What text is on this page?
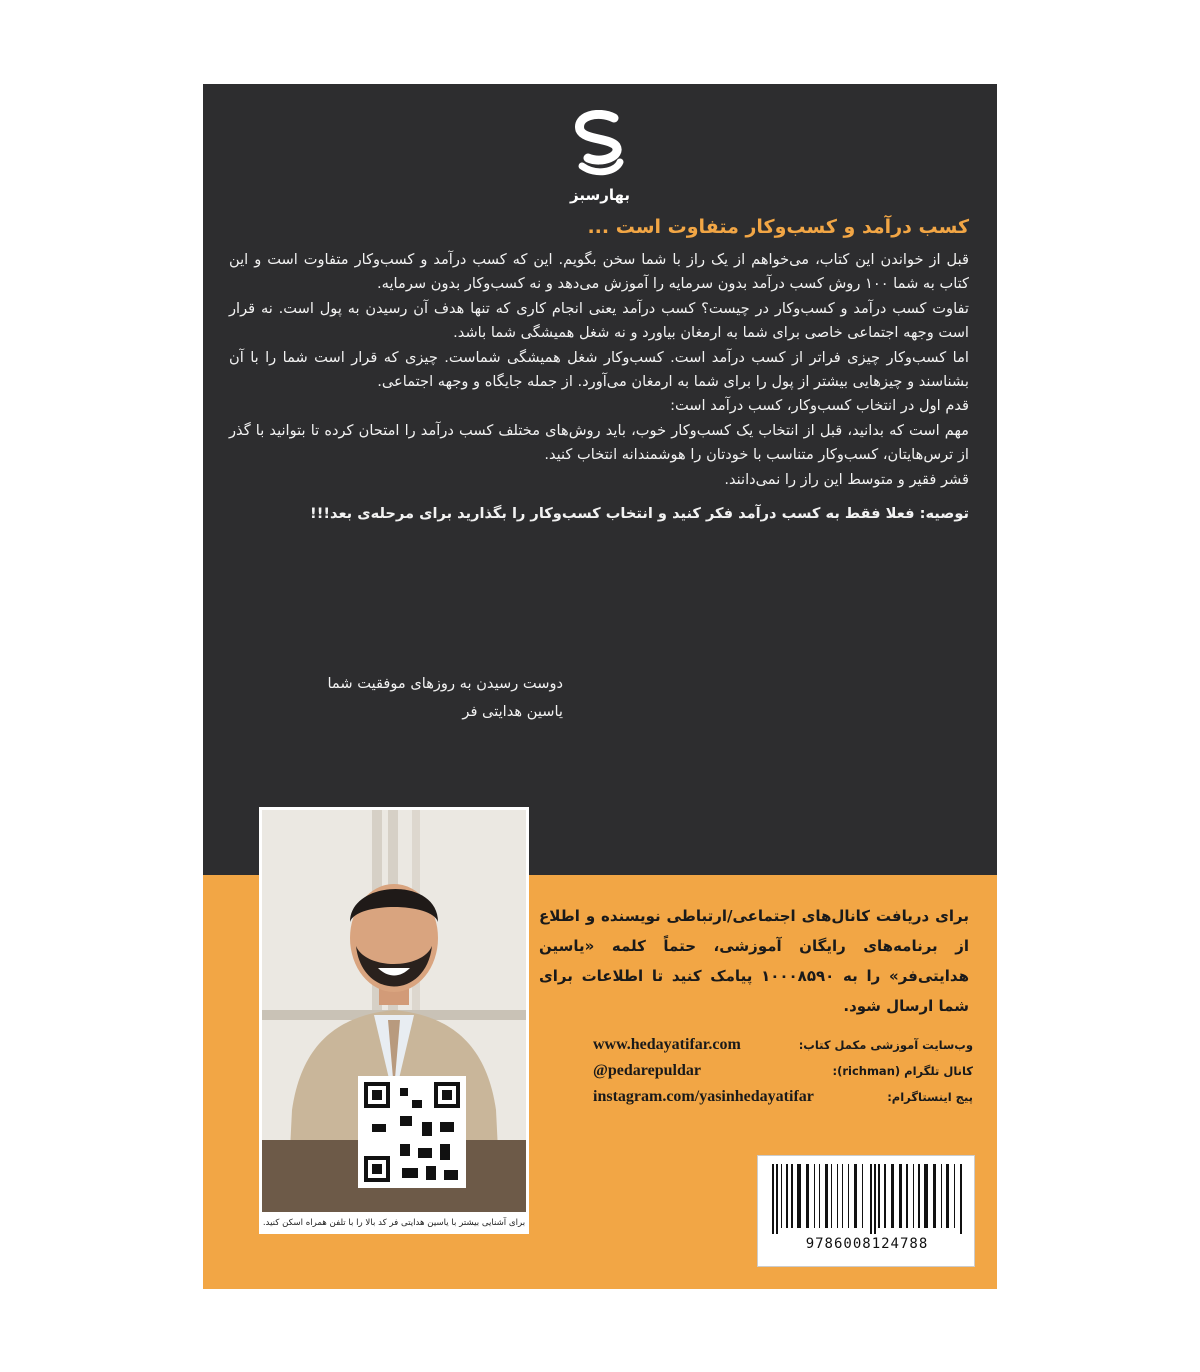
بهارسبز
کسب درآمد و کسب‌وکار متفاوت است ...

قبل از خواندن این کتاب، می‌خواهم از یک راز با شما سخن بگویم. این که کسب درآمد و کسب‌وکار متفاوت است و این کتاب به شما ۱۰۰ روش کسب درآمد بدون سرمایه را آموزش می‌دهد و نه کسب‌وکار بدون سرمایه.

تفاوت کسب درآمد و کسب‌وکار در چیست؟ کسب درآمد یعنی انجام کاری که تنها هدف آن رسیدن به پول است. نه قرار است وجهه اجتماعی خاصی برای شما به ارمغان بیاورد و نه شغل همیشگی شما باشد.

اما کسب‌وکار چیزی فراتر از کسب درآمد است. کسب‌وکار شغل همیشگی شماست. چیزی که قرار است شما را با آن بشناسند و چیزهایی بیشتر از پول را برای شما به ارمغان می‌آورد. از جمله جایگاه و وجهه اجتماعی.

قدم اول در انتخاب کسب‌وکار، کسب درآمد است:

مهم است که بدانید، قبل از انتخاب یک کسب‌وکار خوب، باید روش‌های مختلف کسب درآمد را امتحان کرده تا بتوانید با گذر از ترس‌هایتان، کسب‌وکار متناسب با خودتان را هوشمندانه انتخاب کنید.

قشر فقیر و متوسط این راز را نمی‌دانند.

توصیه: فعلا فقط به کسب درآمد فکر کنید و انتخاب کسب‌وکار را بگذارید برای مرحله‌ی بعد!!!

دوست رسیدن به روزهای موفقیت شما
یاسین هدایتی فر
برای آشنایی بیشتر با یاسین هدایتی فر کد بالا را با تلفن همراه اسکن کنید.
برای دریافت کانال‌های اجتماعی/ارتباطی نویسنده و اطلاع از برنامه‌های رایگان آموزشی، حتماً کلمه «یاسین هدایتی‌فر» را به ۱۰۰۰۸۵۹۰ پیامک کنید تا اطلاعات برای شما ارسال شود.
وب‌سایت آموزشی مکمل کتاب:
www.hedayatifar.com
کانال تلگرام (richman):
@pedarepuldar
پیج اینستاگرام:
instagram.com/yasinhedayatifar
9786008124788
